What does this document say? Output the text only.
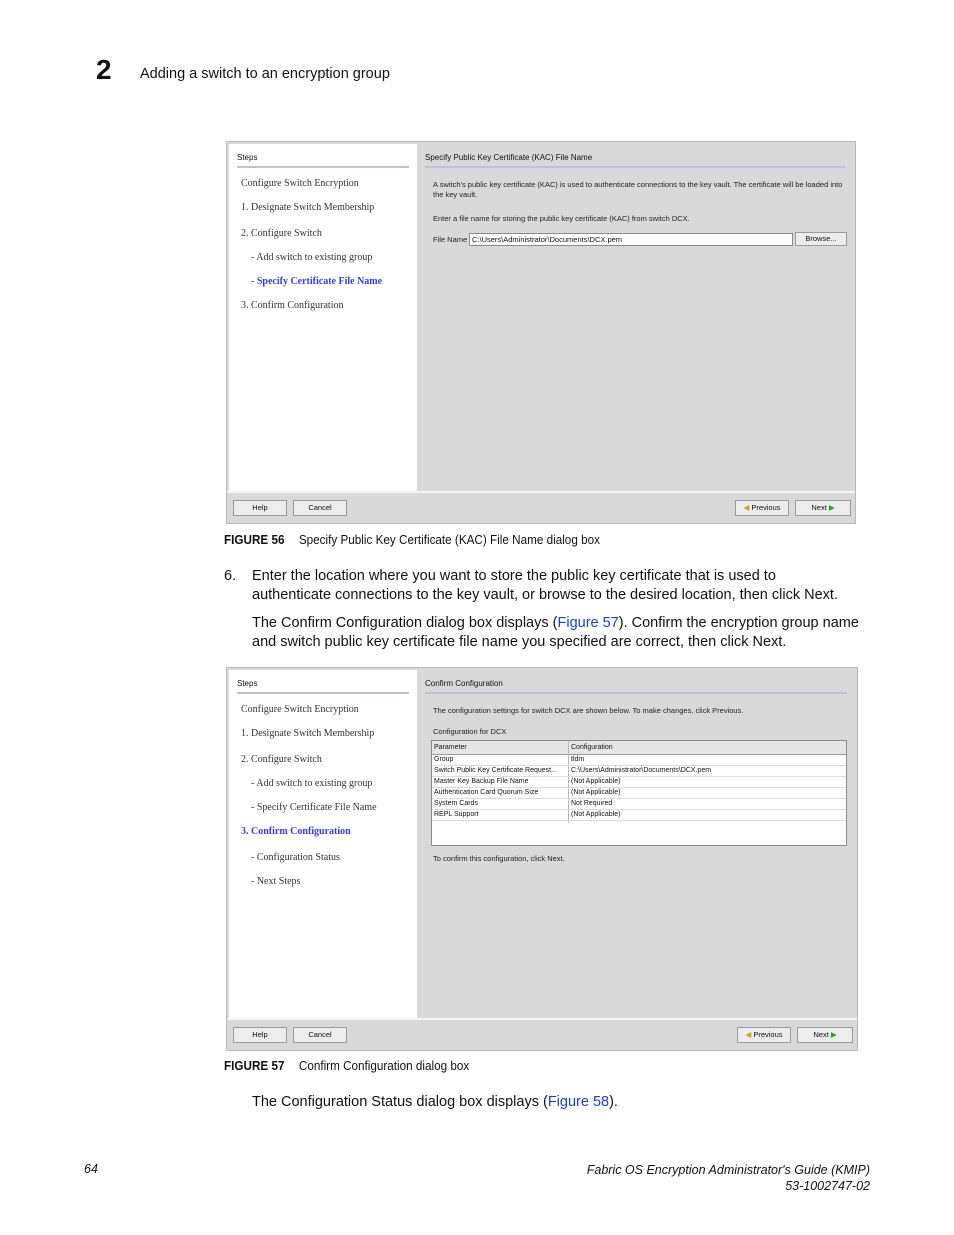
2 Adding a switch to an encryption group
Steps
Configure Switch Encryption
1. Designate Switch Membership
2. Configure Switch
- Add switch to existing group
- Specify Certificate File Name
3. Confirm Configuration
Specify Public Key Certificate (KAC) File Name
A switch's public key certificate (KAC) is used to authenticate connections to the key vault. The certificate will be loaded into the key vault.
Enter a file name for storing the public key certificate (KAC) from switch DCX.
File Name C:\Users\Administrator\Documents\DCX.pem	Browse...
Help	Cancel	◀ Previous	Next ▶
FIGURE 56 Specify Public Key Certificate (KAC) File Name dialog box
6. Enter the location where you want to store the public key certificate that is used to
authenticate connections to the key vault, or browse to the desired location, then click Next.
The Confirm Configuration dialog box displays (Figure 57). Confirm the encryption group name
and switch public key certificate file name you specified are correct, then click Next.
Steps
Configure Switch Encryption
1. Designate Switch Membership
2. Configure Switch
- Add switch to existing group
- Specify Certificate File Name
3. Confirm Configuration
- Configuration Status
- Next Steps
Confirm Configuration
The configuration settings for switch DCX are shown below. To make changes, click Previous.
Configuration for DCX
Parameter	Configuration
Group	tldm
Switch Public Key Certificate Request... C:\Users\Administrator\Documents\DCX.pem
Master Key Backup File Name	(Not Applicable)
Authentication Card Quorum Size	(Not Applicable)
System Cards	Not Required
REPL Support	(Not Applicable)
To confirm this configuration, click Next.
Help	Cancel	◀ Previous	Next ▶
FIGURE 57 Confirm Configuration dialog box
The Configuration Status dialog box displays (Figure 58).
64	Fabric OS Encryption Administrator's Guide (KMIP)
53-1002747-02
